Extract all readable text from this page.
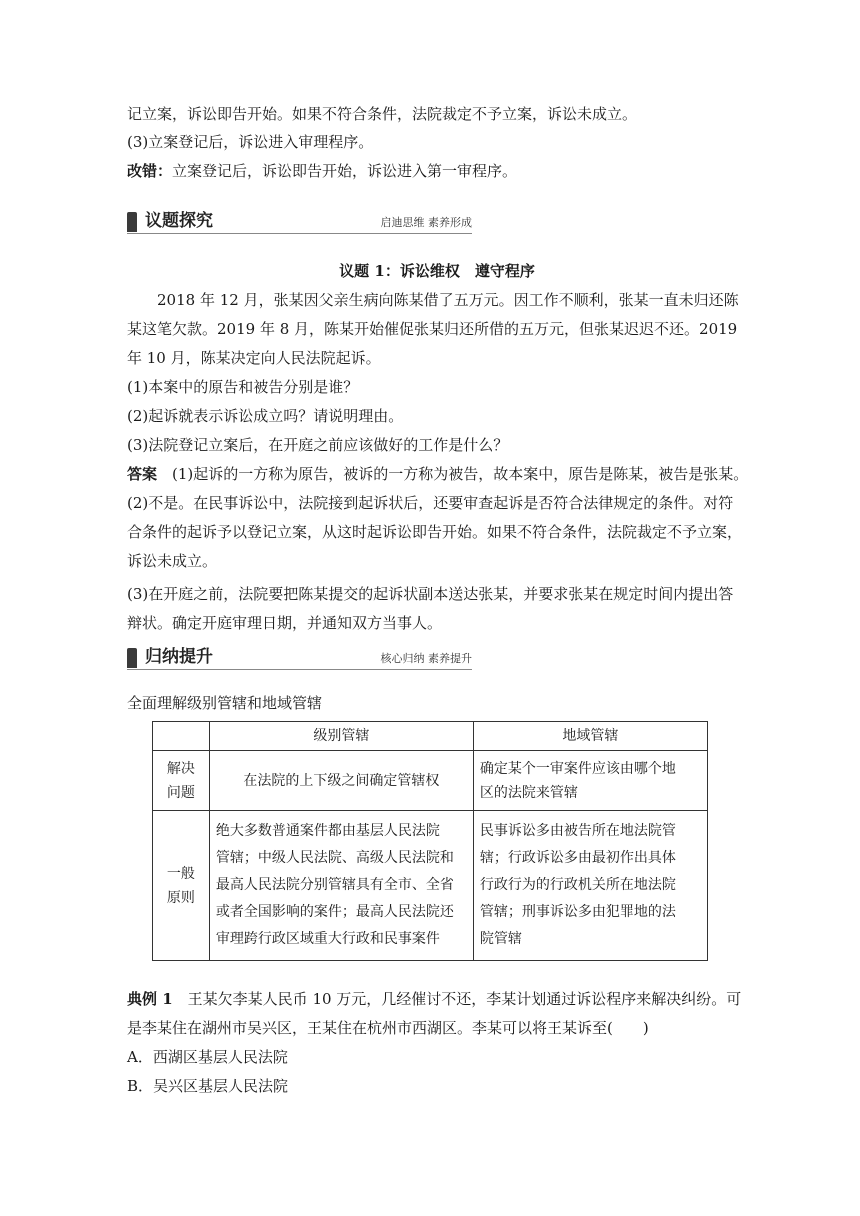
记立案，诉讼即告开始。如果不符合条件，法院裁定不予立案，诉讼未成立。
(3)立案登记后，诉讼进入审理程序。
改错：立案登记后，诉讼即告开始，诉讼进入第一审程序。
议题探究	启迪思维 素养形成
议题 1：诉讼维权　遵守程序
　　2018 年 12 月，张某因父亲生病向陈某借了五万元。因工作不顺利，张某一直未归还陈
某这笔欠款。2019 年 8 月，陈某开始催促张某归还所借的五万元，但张某迟迟不还。2019
年 10 月，陈某决定向人民法院起诉。
(1)本案中的原告和被告分别是谁？
(2)起诉就表示诉讼成立吗？请说明理由。
(3)法院登记立案后，在开庭之前应该做好的工作是什么？
答案　(1)起诉的一方称为原告，被诉的一方称为被告，故本案中，原告是陈某，被告是张某。
(2)不是。在民事诉讼中，法院接到起诉状后，还要审查起诉是否符合法律规定的条件。对符
合条件的起诉予以登记立案，从这时起诉讼即告开始。如果不符合条件，法院裁定不予立案，
诉讼未成立。
(3)在开庭之前，法院要把陈某提交的起诉状副本送达张某，并要求张某在规定时间内提出答
辩状。确定开庭审理日期，并通知双方当事人。
归纳提升	核心归纳 素养提升
全面理解级别管辖和地域管辖
	级别管辖	地域管辖
解决
问题	在法院的上下级之间确定管辖权	确定某个一审案件应该由哪个地
区的法院来管辖
一般
原则	绝大多数普通案件都由基层人民法院
管辖；中级人民法院、高级人民法院和
最高人民法院分别管辖具有全市、全省
或者全国影响的案件；最高人民法院还
审理跨行政区域重大行政和民事案件	民事诉讼多由被告所在地法院管
辖；行政诉讼多由最初作出具体
行政行为的行政机关所在地法院
管辖；刑事诉讼多由犯罪地的法
院管辖
典例 1　王某欠李某人民币 10 万元，几经催讨不还，李某计划通过诉讼程序来解决纠纷。可
是李某住在湖州市吴兴区，王某住在杭州市西湖区。李某可以将王某诉至(　　)
A．西湖区基层人民法院
B．吴兴区基层人民法院
